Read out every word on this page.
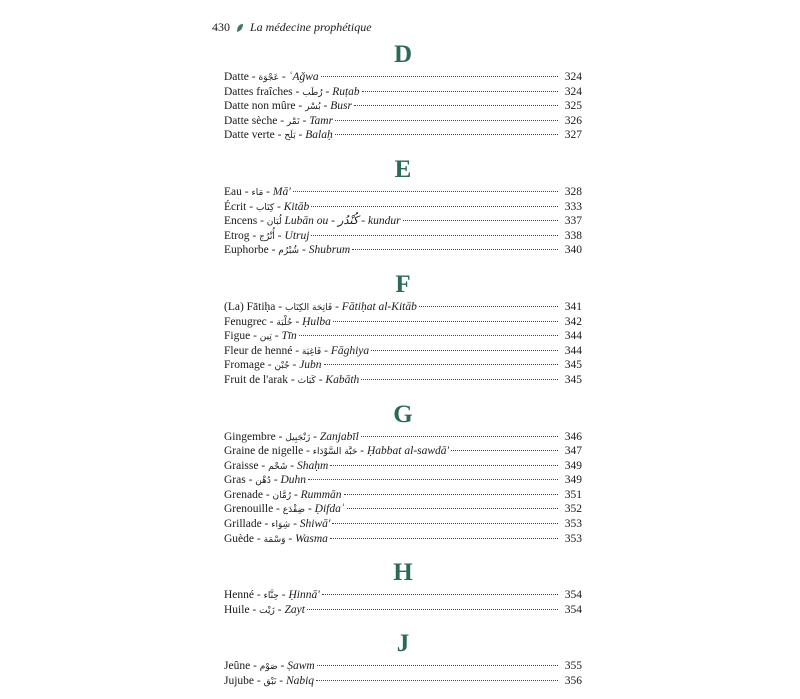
430 La médecine prophétique
D
Datte - عَجْوَة - ʿAǧwa	324
Dattes fraîches - رُطَب - Ruṭab	324
Datte non mûre - بُسْر - Busr	325
Datte sèche - تَمْر - Tamr	326
Datte verte - بَلَح - Balaḥ	327
E
Eau - مَاء - Mā'	328
Écrit - كِتَاب - Kitāb	333
Encens - لُبَان Lubān ou - كُنْدُر - kundur	337
Etrog - أُتْرُج - Utruj	338
Euphorbe - شُبْرُم - Shubrum	340
F
(La) Fātiḥa - فَاتِحَة الكِتَاب - Fātiḥat al-Kitāb	341
Fenugrec - حُلْبَة - Ḥulba	342
Figue - تِين - Tīn	344
Fleur de henné - فَاغِيَة - Fāghiya	344
Fromage - جُبْن - Jubn	345
Fruit de l'arak - كَبَاث - Kabāth	345
G
Gingembre - زَنْجَبِيل - Zanjabīl	346
Graine de nigelle - حَبَّة السَّوْدَاء - Ḥabbat al-sawdā'	347
Graisse - شَحْم - Shaḥm	349
Gras - دُهْن - Duhn	349
Grenade - رُمَّان - Rummān	351
Grenouille - ضِفْدَع - Ḍifdaʿ	352
Grillade - شِوَاء - Shiwā'	353
Guède - وَسْمَة - Wasma	353
H
Henné - حِنَّاء - Ḥinnā'	354
Huile - زَيْت - Zayt	354
J
Jeûne - صَوْم - Ṣawm	355
Jujube - نَبْق - Nabiq	356
